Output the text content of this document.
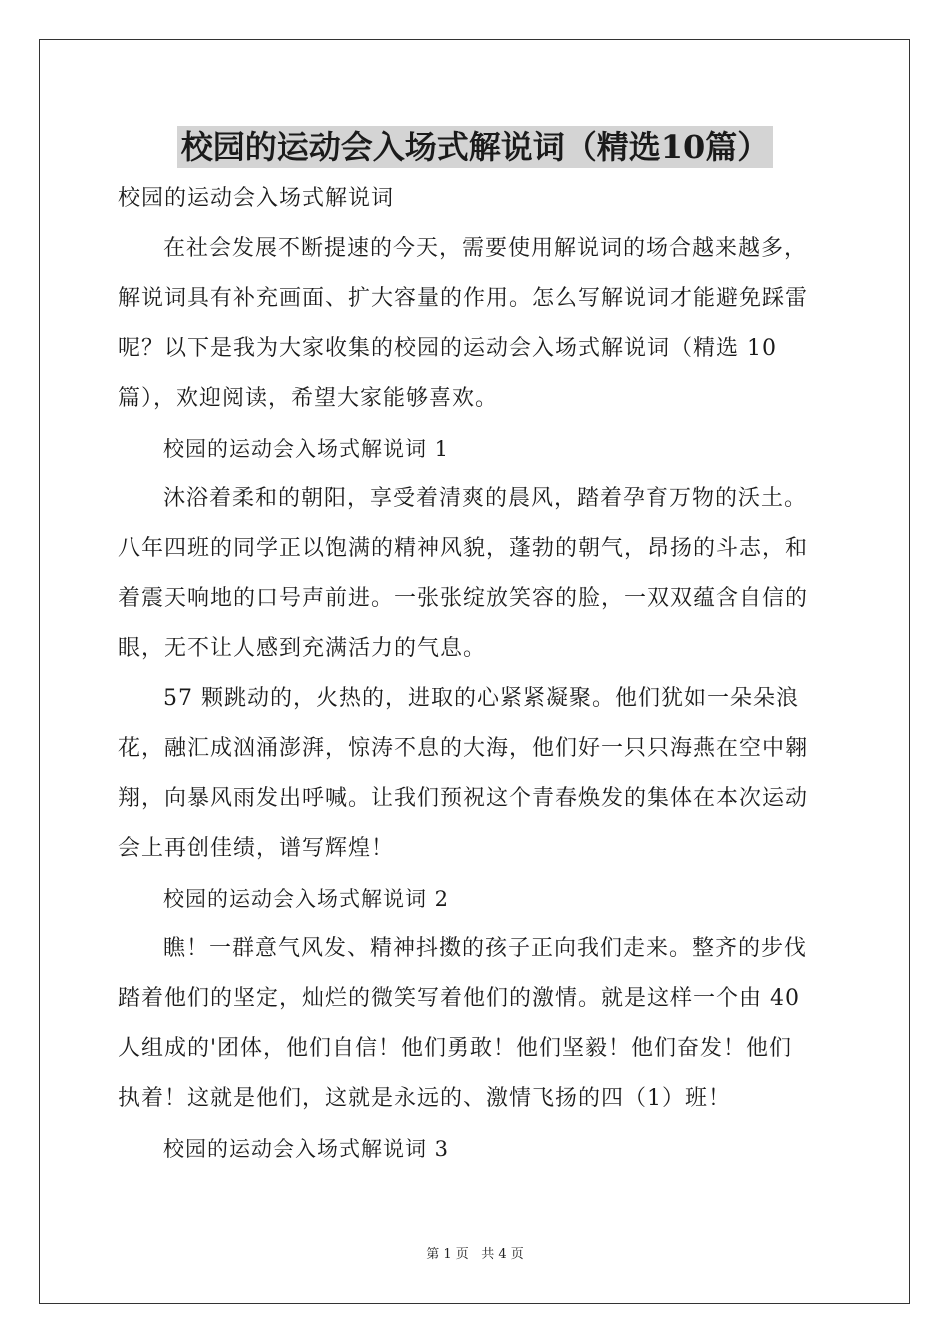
校园的运动会入场式解说词（精选10篇）
校园的运动会入场式解说词
在社会发展不断提速的今天，需要使用解说词的场合越来越多，
解说词具有补充画面、扩大容量的作用。怎么写解说词才能避免踩雷
呢？以下是我为大家收集的校园的运动会入场式解说词（精选 10
篇），欢迎阅读，希望大家能够喜欢。
校园的运动会入场式解说词 1
沐浴着柔和的朝阳，享受着清爽的晨风，踏着孕育万物的沃土。
八年四班的同学正以饱满的精神风貌，蓬勃的朝气，昂扬的斗志，和
着震天响地的口号声前进。一张张绽放笑容的脸，一双双蕴含自信的
眼，无不让人感到充满活力的气息。
57 颗跳动的，火热的，进取的心紧紧凝聚。他们犹如一朵朵浪
花，融汇成汹涌澎湃，惊涛不息的大海，他们好一只只海燕在空中翱
翔，向暴风雨发出呼喊。让我们预祝这个青春焕发的集体在本次运动
会上再创佳绩，谱写辉煌！
校园的运动会入场式解说词 2
瞧！一群意气风发、精神抖擞的孩子正向我们走来。整齐的步伐
踏着他们的坚定，灿烂的微笑写着他们的激情。就是这样一个由 40
人组成的'团体，他们自信！他们勇敢！他们坚毅！他们奋发！他们
执着！这就是他们，这就是永远的、激情飞扬的四（1）班！
校园的运动会入场式解说词 3
第 1 页   共 4 页
